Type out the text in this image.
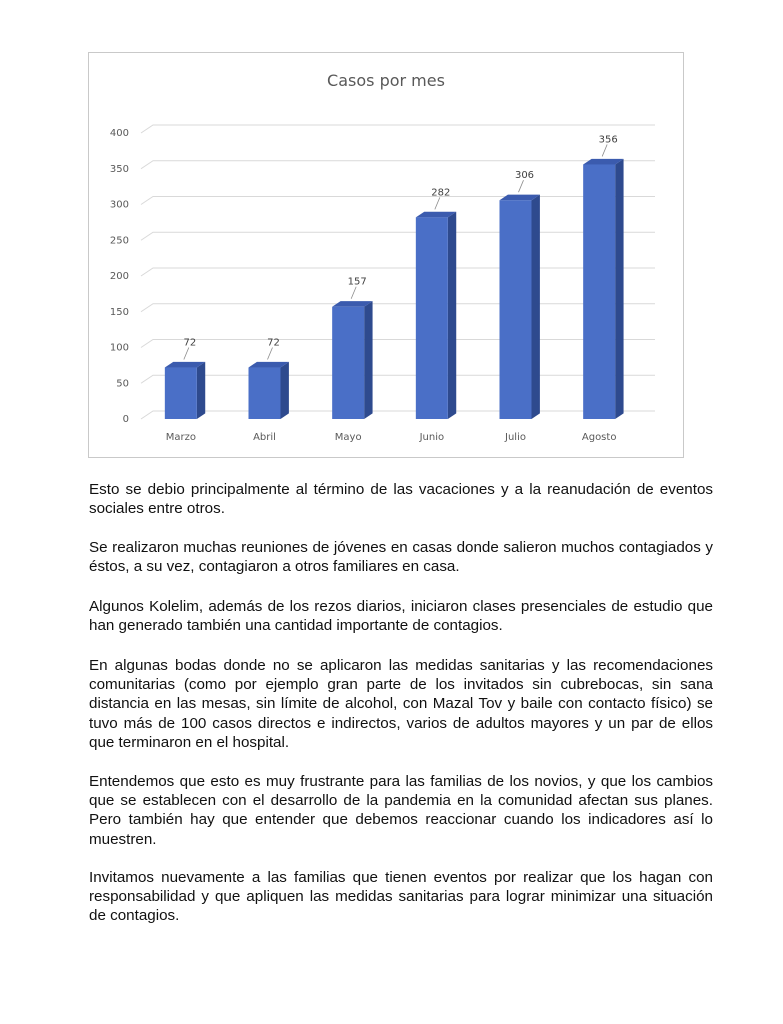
Casos por mes
0
50
100
150
200
250
300
350
400
72
Marzo
72
Abril
157
Mayo
282
Junio
306
Julio
356
Agosto

Esto se debio principalmente al término de las vacaciones y a la reanudación de eventos sociales entre otros.

Se realizaron muchas reuniones de jóvenes en casas donde salieron muchos contagiados y éstos, a su vez, contagiaron a otros familiares en casa.

Algunos Kolelim, además de los rezos diarios, iniciaron clases presenciales de estudio que han generado también una cantidad importante de contagios.

En algunas bodas donde no se aplicaron las medidas sanitarias y las recomendaciones comunitarias (como por ejemplo gran parte de los invitados sin cubrebocas, sin sana distancia en las mesas, sin límite de alcohol, con Mazal Tov y baile con contacto físico) se tuvo más de 100 casos directos e indirectos, varios de adultos mayores y un par de ellos que terminaron en el hospital.

Entendemos que esto es muy frustrante para las familias de los novios, y que los cambios que se establecen con el desarrollo de la pandemia en la comunidad afectan sus planes. Pero también hay que entender que debemos reaccionar cuando los indicadores así lo muestren.

Invitamos nuevamente a las familias que tienen eventos por realizar que los hagan con responsabilidad y que apliquen las medidas sanitarias para lograr minimizar una situación de contagios.
